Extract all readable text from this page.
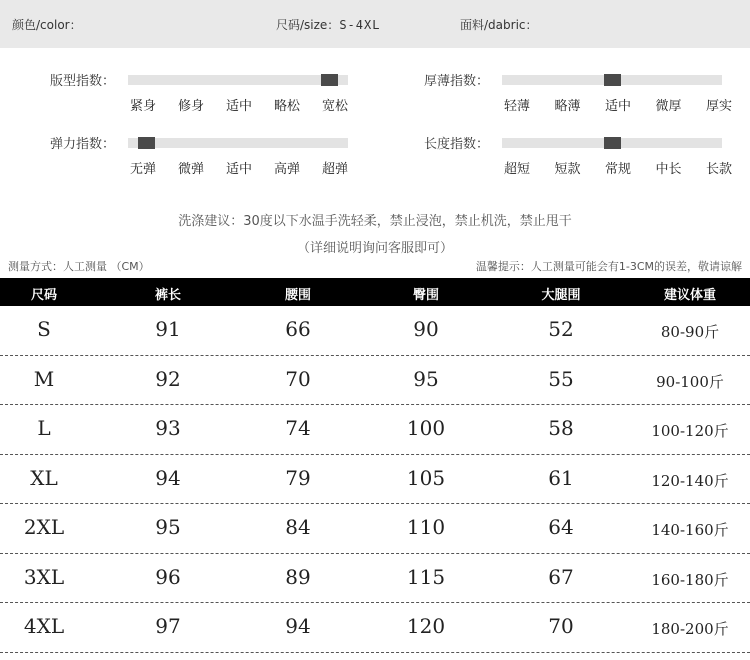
颜色/color：	尺码/size：S-4XL	面料/dabric：
版型指数：
紧身 修身 适中 略松 宽松
厚薄指数：
轻薄 略薄 适中 微厚 厚实
弹力指数：
无弹 微弹 适中 高弹 超弹
长度指数：
超短 短款 常规 中长 长款
洗涤建议：30度以下水温手洗轻柔，禁止浸泡，禁止机洗，禁止甩干
（详细说明询问客服即可）
测量方式：人工测量 （CM）	温馨提示：人工测量可能会有1-3CM的误差，敬请谅解
尺码	裤长	腰围	臀围	大腿围	建议体重
S	91	66	90	52	80-90斤
M	92	70	95	55	90-100斤
L	93	74	100	58	100-120斤
XL	94	79	105	61	120-140斤
2XL	95	84	110	64	140-160斤
3XL	96	89	115	67	160-180斤
4XL	97	94	120	70	180-200斤
